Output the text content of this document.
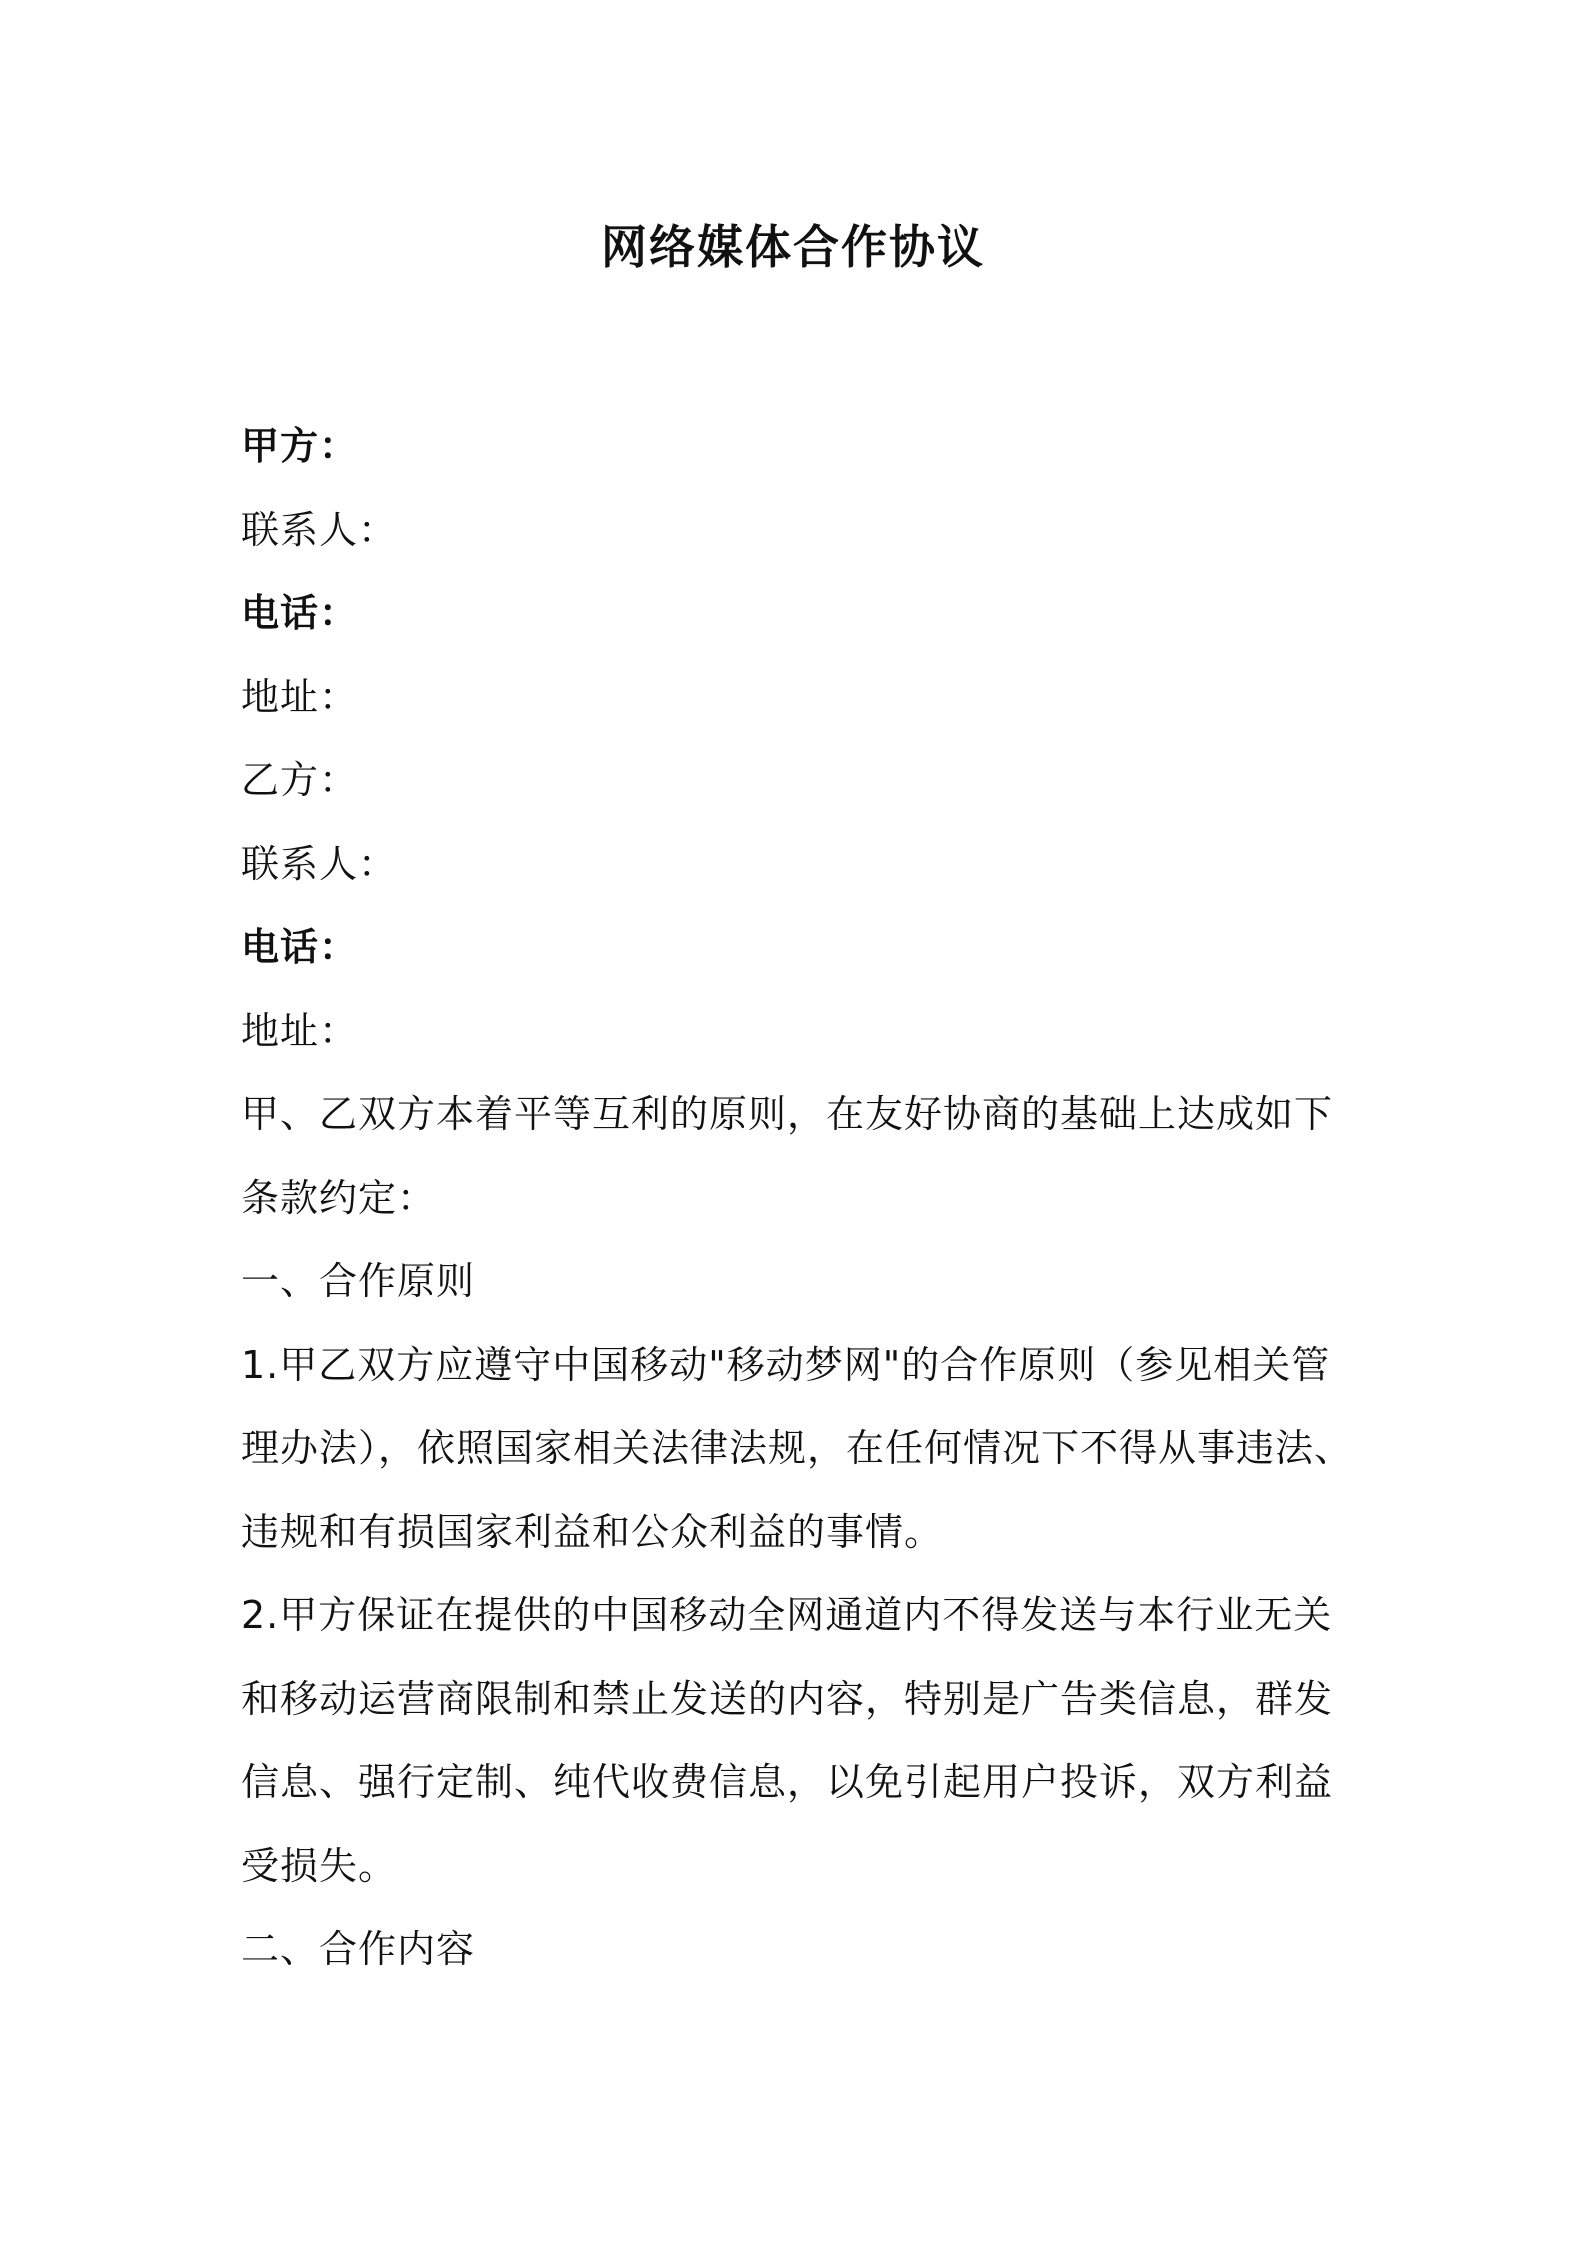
网络媒体合作协议
甲方：
联系人：
电话：
地址：
乙方：
联系人：
电话：
地址：
甲、乙双方本着平等互利的原则，在友好协商的基础上达成如下条款约定：
一、合作原则
1.甲乙双方应遵守中国移动"移动梦网"的合作原则（参见相关管理办法），依照国家相关法律法规，在任何情况下不得从事违法、违规和有损国家利益和公众利益的事情。
2.甲方保证在提供的中国移动全网通道内不得发送与本行业无关和移动运营商限制和禁止发送的内容，特别是广告类信息，群发信息、强行定制、纯代收费信息，以免引起用户投诉，双方利益受损失。
二、合作内容
